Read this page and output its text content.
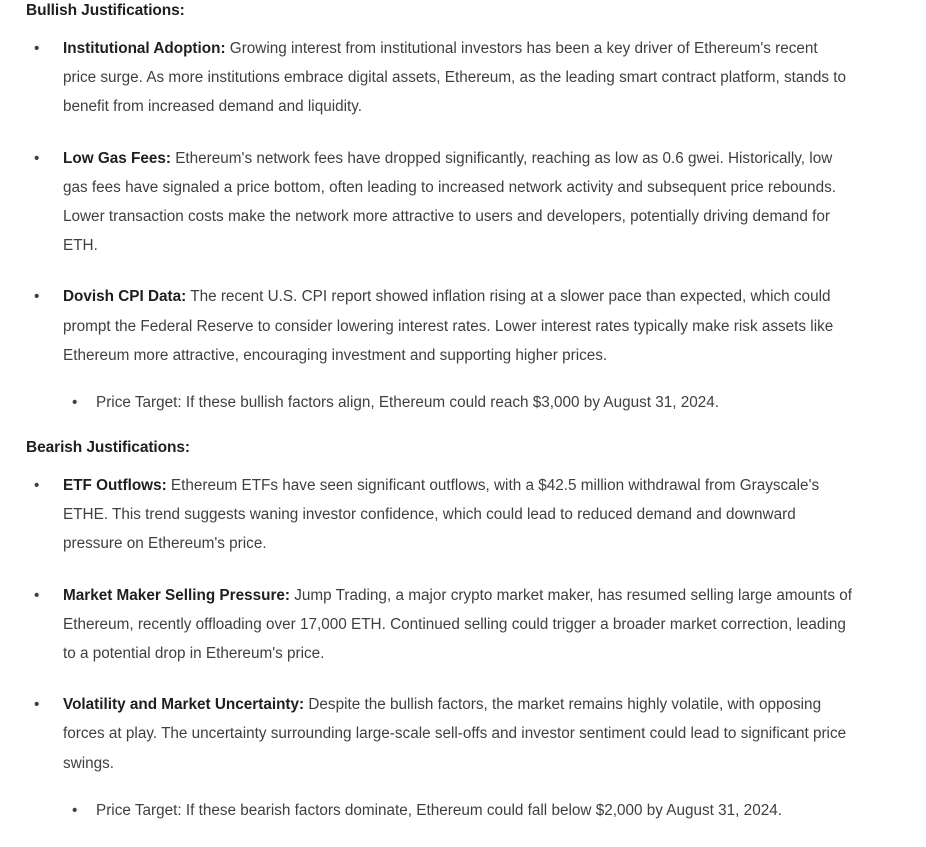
Bullish Justifications:
•	Institutional Adoption: Growing interest from institutional investors has been a key driver of Ethereum's recent price surge. As more institutions embrace digital assets, Ethereum, as the leading smart contract platform, stands to benefit from increased demand and liquidity.
•	Low Gas Fees: Ethereum's network fees have dropped significantly, reaching as low as 0.6 gwei. Historically, low gas fees have signaled a price bottom, often leading to increased network activity and subsequent price rebounds. Lower transaction costs make the network more attractive to users and developers, potentially driving demand for ETH.
•	Dovish CPI Data: The recent U.S. CPI report showed inflation rising at a slower pace than expected, which could prompt the Federal Reserve to consider lowering interest rates. Lower interest rates typically make risk assets like Ethereum more attractive, encouraging investment and supporting higher prices.
•	Price Target: If these bullish factors align, Ethereum could reach $3,000 by August 31, 2024.
Bearish Justifications:
•	ETF Outflows: Ethereum ETFs have seen significant outflows, with a $42.5 million withdrawal from Grayscale's ETHE. This trend suggests waning investor confidence, which could lead to reduced demand and downward pressure on Ethereum's price.
•	Market Maker Selling Pressure: Jump Trading, a major crypto market maker, has resumed selling large amounts of Ethereum, recently offloading over 17,000 ETH. Continued selling could trigger a broader market correction, leading to a potential drop in Ethereum's price.
•	Volatility and Market Uncertainty: Despite the bullish factors, the market remains highly volatile, with opposing forces at play. The uncertainty surrounding large-scale sell-offs and investor sentiment could lead to significant price swings.
•	Price Target: If these bearish factors dominate, Ethereum could fall below $2,000 by August 31, 2024.
